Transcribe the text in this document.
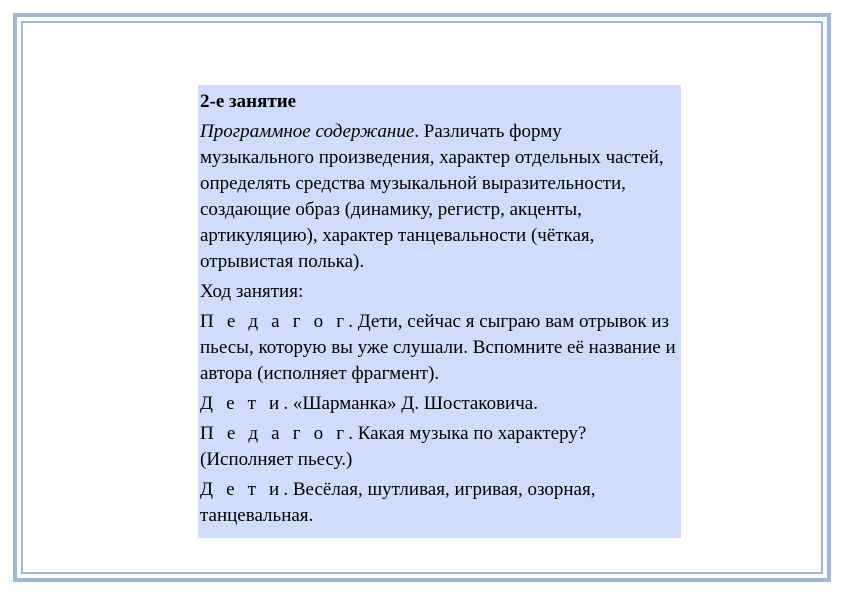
2-е занятие

Программное содержание. Различать форму музыкального произведения, характер отдельных частей, определять средства музыкальной выразительности, создающие образ (динамику, регистр, акценты, артикуляцию), характер танцевальности (чёткая, отрывистая полька).

Ход занятия:

П е д а г о г. Дети, сейчас я сыграю вам отрывок из пьесы, которую вы уже слушали. Вспомните её название и автора (исполняет фрагмент).

Д е т и. «Шарманка» Д. Шостаковича.

П е д а г о г. Какая музыка по характеру? (Исполняет пьесу.)

Д е т и. Весёлая, шутливая, игривая, озорная, танцевальная.
